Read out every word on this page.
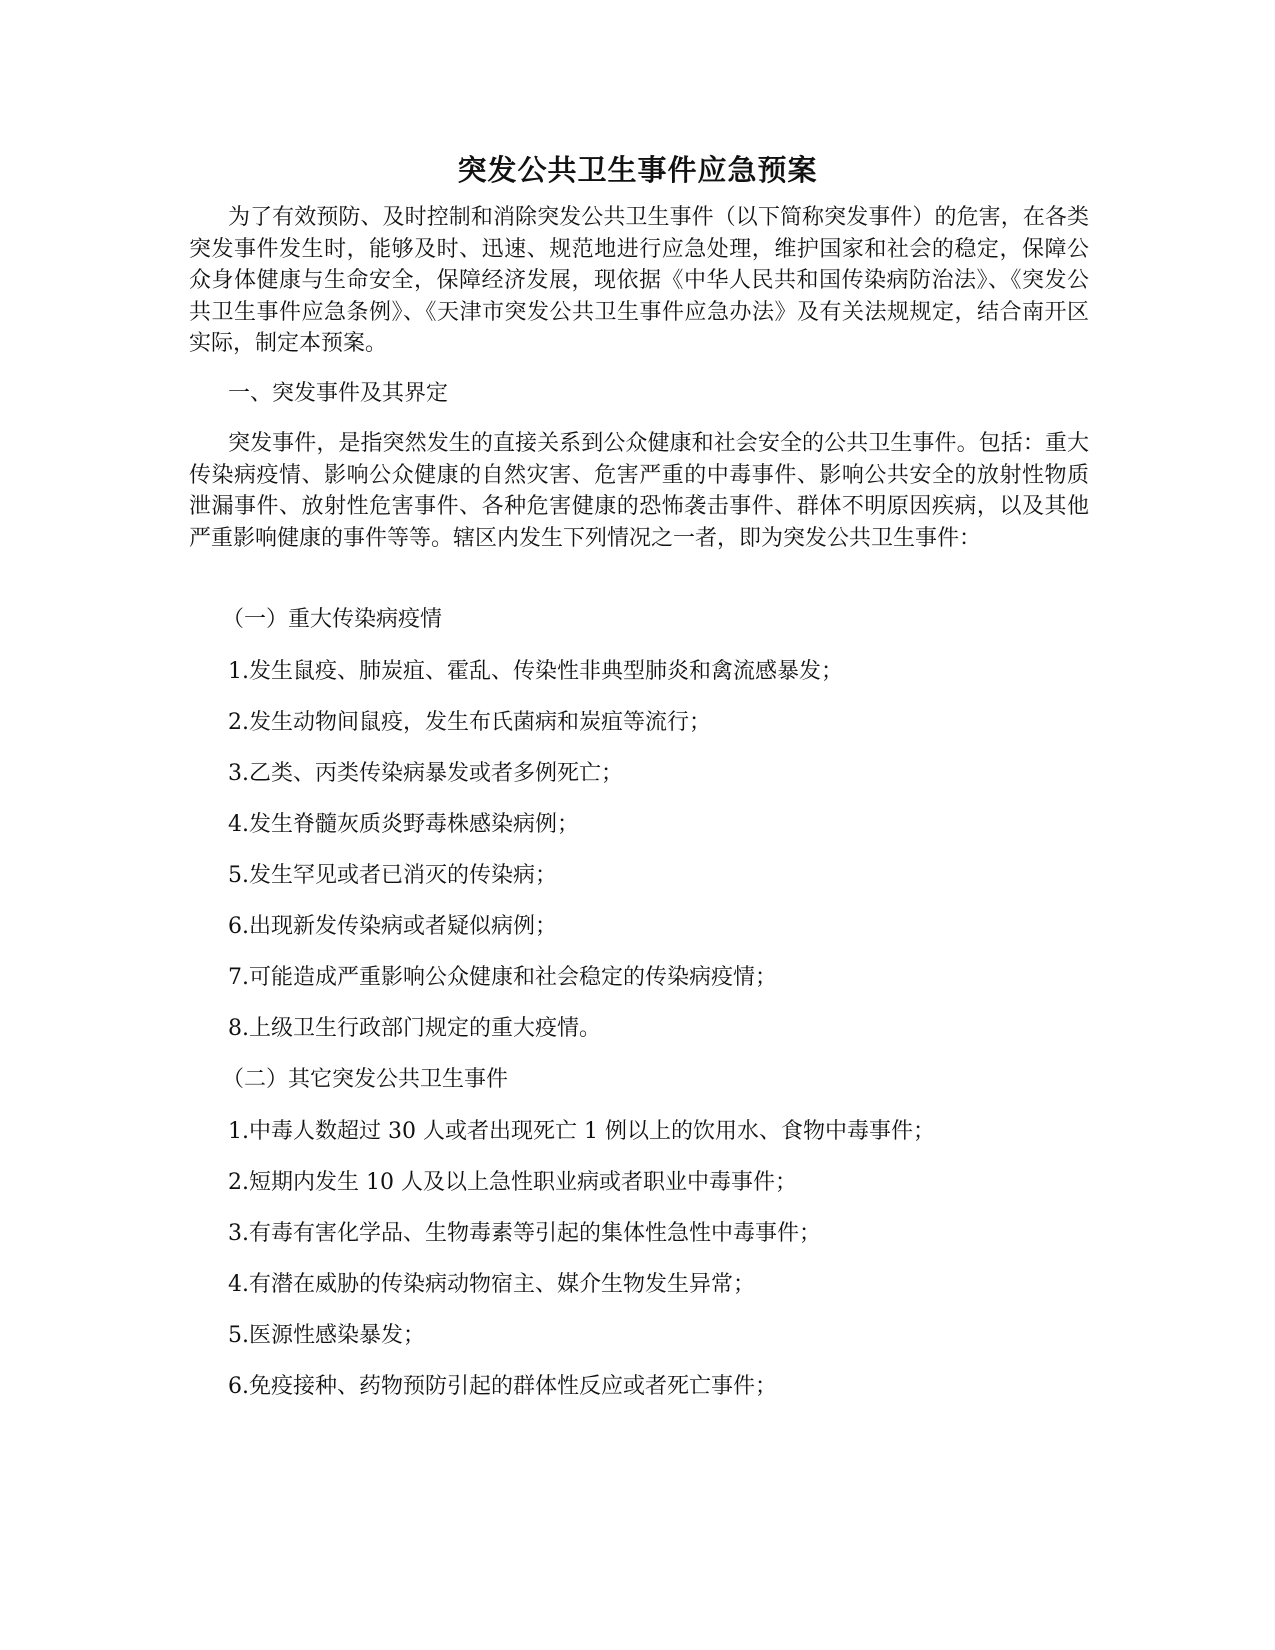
突发公共卫生事件应急预案

为了有效预防、及时控制和消除突发公共卫生事件（以下简称突发事件）的危害，在各类突发事件发生时，能够及时、迅速、规范地进行应急处理，维护国家和社会的稳定，保障公众身体健康与生命安全，保障经济发展，现依据《中华人民共和国传染病防治法》、《突发公共卫生事件应急条例》、《天津市突发公共卫生事件应急办法》及有关法规规定，结合南开区实际，制定本预案。

一、突发事件及其界定

突发事件，是指突然发生的直接关系到公众健康和社会安全的公共卫生事件。包括：重大传染病疫情、影响公众健康的自然灾害、危害严重的中毒事件、影响公共安全的放射性物质泄漏事件、放射性危害事件、各种危害健康的恐怖袭击事件、群体不明原因疾病，以及其他严重影响健康的事件等等。辖区内发生下列情况之一者，即为突发公共卫生事件：

（一）重大传染病疫情

1.发生鼠疫、肺炭疽、霍乱、传染性非典型肺炎和禽流感暴发；

2.发生动物间鼠疫，发生布氏菌病和炭疽等流行；

3.乙类、丙类传染病暴发或者多例死亡；

4.发生脊髓灰质炎野毒株感染病例；

5.发生罕见或者已消灭的传染病；

6.出现新发传染病或者疑似病例；

7.可能造成严重影响公众健康和社会稳定的传染病疫情；

8.上级卫生行政部门规定的重大疫情。

（二）其它突发公共卫生事件

1.中毒人数超过 30 人或者出现死亡 1 例以上的饮用水、食物中毒事件；

2.短期内发生 10 人及以上急性职业病或者职业中毒事件；

3.有毒有害化学品、生物毒素等引起的集体性急性中毒事件；

4.有潜在威胁的传染病动物宿主、媒介生物发生异常；

5.医源性感染暴发；

6.免疫接种、药物预防引起的群体性反应或者死亡事件；
